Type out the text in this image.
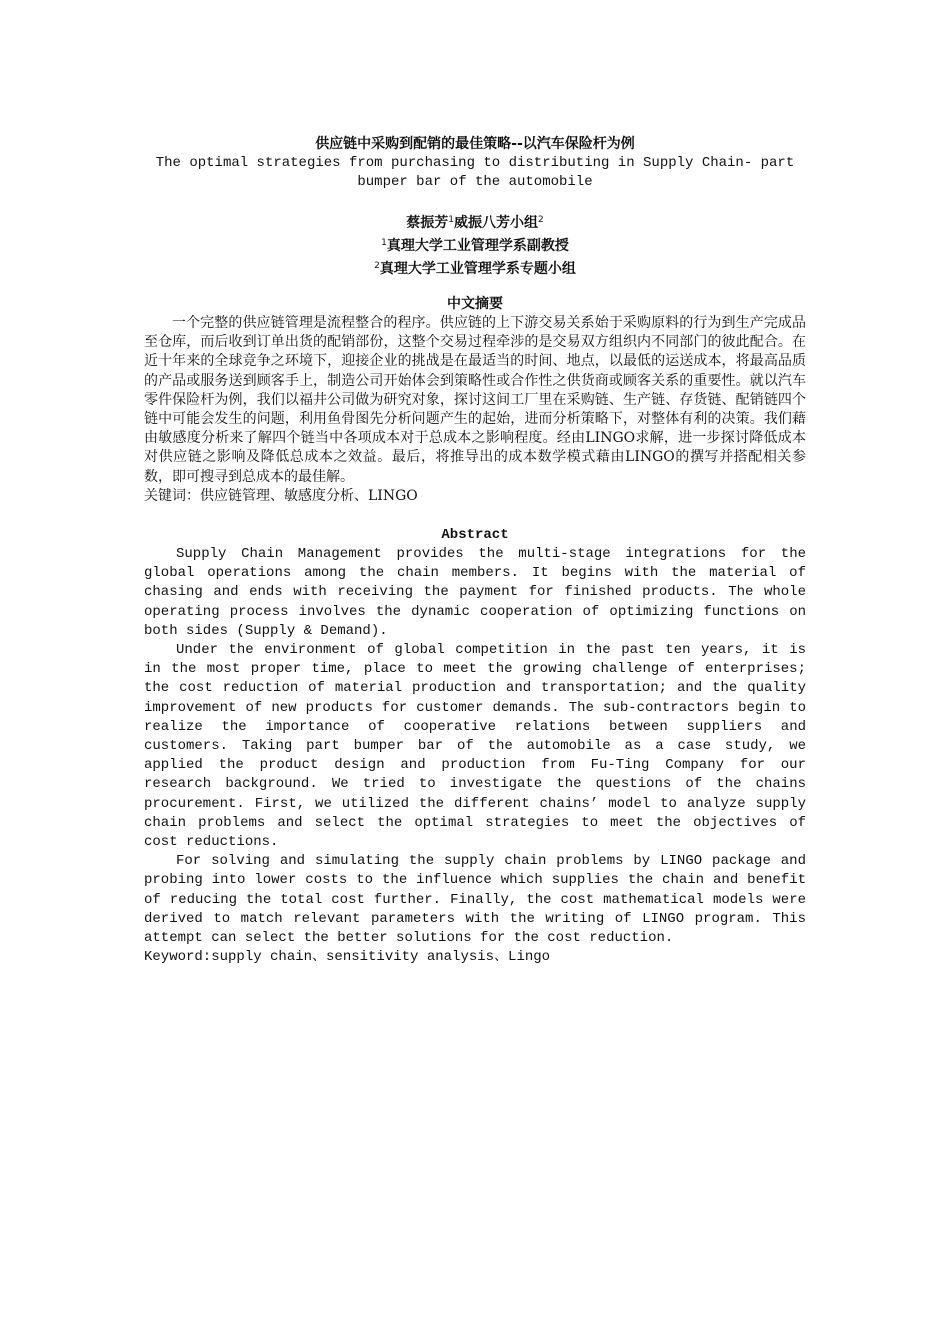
供应链中采购到配销的最佳策略--以汽车保险杆为例

The optimal strategies from purchasing to distributing in Supply Chain- part

bumper bar of the automobile

蔡振芳$^1$威振八芳小组$^2$
$^1$真理大学工业管理学系副教授
$^2$真理大学工业管理学系专题小组

中文摘要

一个完整的供应链管理是流程整合的程序。供应链的上下游交易关系始于采购原料的行为到生产完成品至仓库，而后收到订单出货的配销部份，这整个交易过程牵涉的是交易双方组织内不同部门的彼此配合。在近十年来的全球竞争之环境下，迎接企业的挑战是在最适当的时间、地点，以最低的运送成本，将最高品质的产品或服务送到顾客手上，制造公司开始体会到策略性或合作性之供货商或顾客关系的重要性。就以汽车零件保险杆为例，我们以福井公司做为研究对象，探讨这间工厂里在采购链、生产链、存货链、配销链四个链中可能会发生的问题，利用鱼骨图先分析问题产生的起始，进而分析策略下，对整体有利的决策。我们藉由敏感度分析来了解四个链当中各项成本对于总成本之影响程度。经由LINGO求解，进一步探讨降低成本对供应链之影响及降低总成本之效益。最后，将推导出的成本数学模式藉由LINGO的撰写并搭配相关参数，即可搜寻到总成本的最佳解。

关键词：供应链管理、敏感度分析、LINGO

Abstract

Supply Chain Management provides the multi-stage integrations for the global operations among the chain members. It begins with the material of chasing and ends with receiving the payment for finished products. The whole operating process involves the dynamic cooperation of optimizing functions on both sides (Supply & Demand).

Under the environment of global competition in the past ten years, it is in the most proper time, place to meet the growing challenge of enterprises; the cost reduction of material production and transportation; and the quality improvement of new products for customer demands. The sub-contractors begin to realize the importance of cooperative relations between suppliers and customers. Taking part bumper bar of the automobile as a case study, we applied the product design and production from Fu-Ting Company for our research background. We tried to investigate the questions of the chains procurement. First, we utilized the different chains’ model to analyze supply chain problems and select the optimal strategies to meet the objectives of cost reductions.

For solving and simulating the supply chain problems by LINGO package and probing into lower costs to the influence which supplies the chain and benefit of reducing the total cost further. Finally, the cost mathematical models were derived to match relevant parameters with the writing of LINGO program. This attempt can select the better solutions for the cost reduction.

Keyword:supply chain、sensitivity analysis、Lingo
